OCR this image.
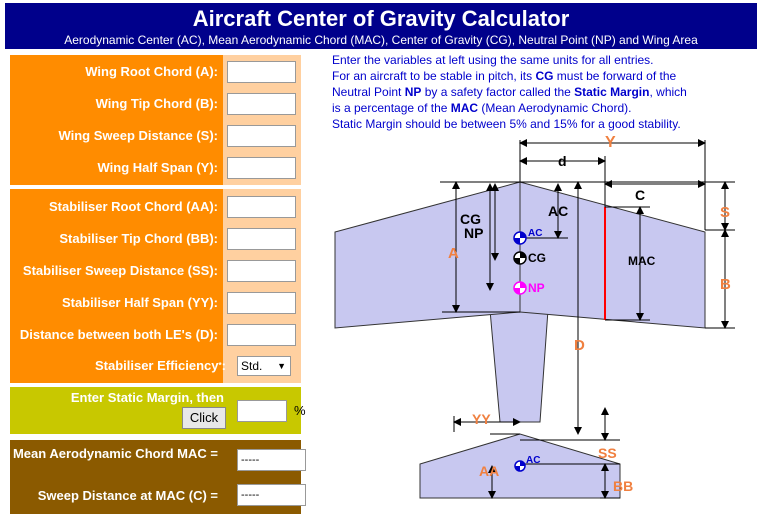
Aircraft Center of Gravity Calculator
Aerodynamic Center (AC), Mean Aerodynamic Chord (MAC), Center of Gravity (CG), Neutral Point (NP) and Wing Area
Wing Root Chord (A):
Wing Tip Chord (B):
Wing Sweep Distance (S):
Wing Half Span (Y):
Stabiliser Root Chord (AA):
Stabiliser Tip Chord (BB):
Stabiliser Sweep Distance (SS):
Stabiliser Half Span (YY):
Distance between both LE's (D):
Stabiliser Efficiency*:	Std. ▼
Enter Static Margin, then
Click	%
Mean Aerodynamic Chord MAC =	-----
Sweep Distance at MAC (C) =	-----
Enter the variables at left using the same units for all entries.
For an aircraft to be stable in pitch, its CG must be forward of the
Neutral Point NP by a safety factor called the Static Margin, which
is a percentage of the MAC (Mean Aerodynamic Chord).
Static Margin should be between 5% and 15% for a good stability.
Y
d
C
S
CG	AC
NP
A	MAC
B
D
YY
SS
AA
BB
AC
CG
NP
AC
